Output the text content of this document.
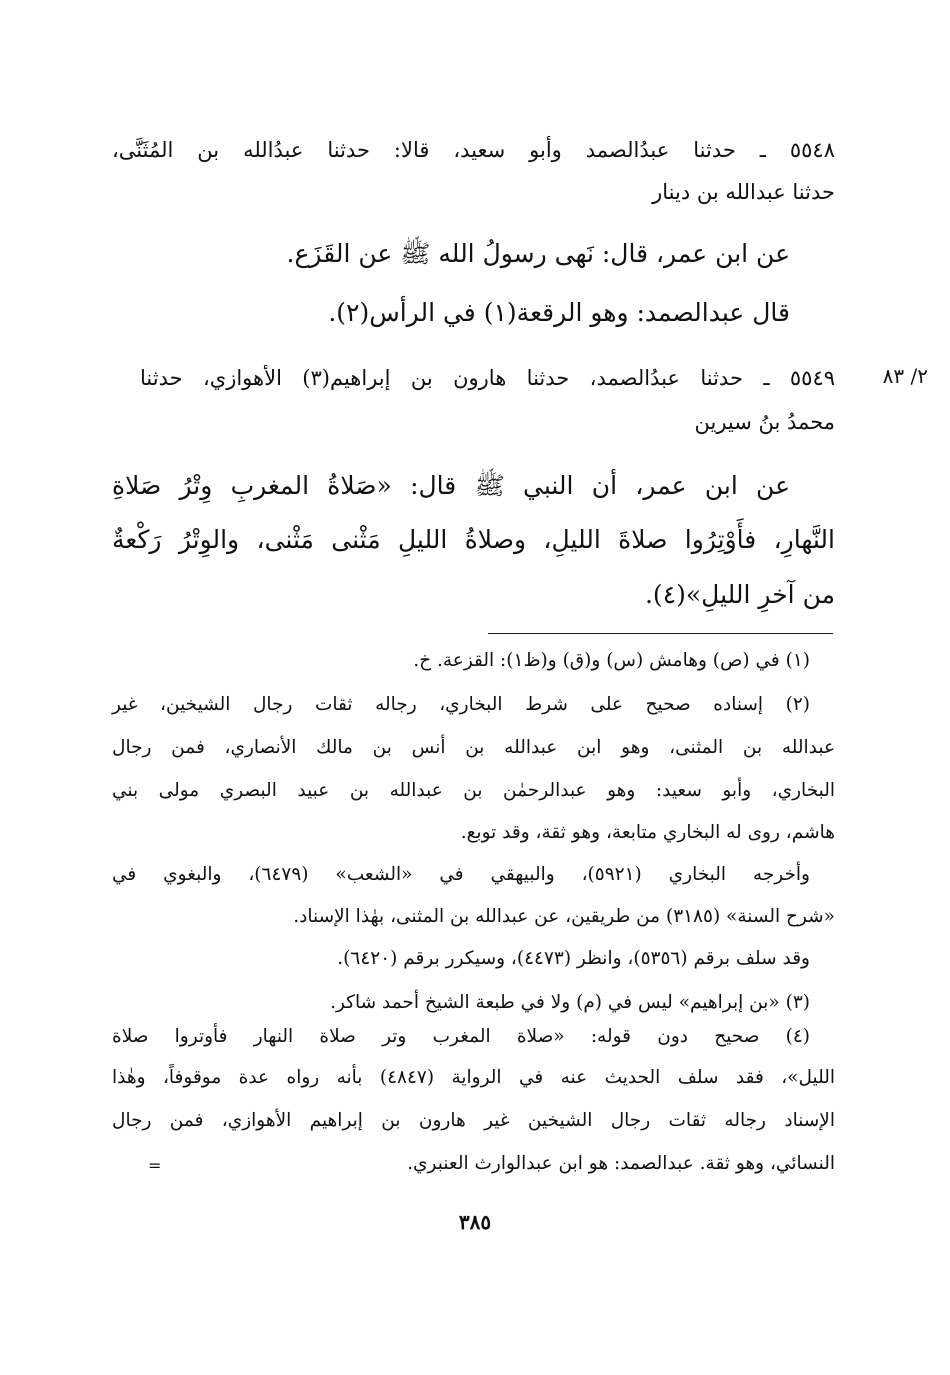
٢/ ٨٣
٥٥٤٨ ـ حدثنا عبدُالصمد وأبو سعيد، قالا: حدثنا عبدُالله بن المُثَنَّى،
حدثنا عبدالله بن دينار
عن ابن عمر، قال: نَهى رسولُ الله ﷺ عن القَزَع.
قال عبدالصمد: وهو الرقعة(١) في الرأس(٢).
٥٥٤٩ ـ حدثنا عبدُالصمد، حدثنا هارون بن إبراهيم(٣) الأهوازي، حدثنا
محمدُ بنُ سيرين
عن ابن عمر، أن النبي ﷺ قال: «صَلاةُ المغربِ وِتْرُ صَلاةِ
النَّهارِ، فأَوْتِرُوا صلاةَ الليلِ، وصلاةُ الليلِ مَثْنى مَثْنى، والوِتْرُ رَكْعةٌ
من آخرِ الليلِ»(٤).
(١) في (ص) وهامش (س) و(ق) و(ظ١): القزعة. خ.
(٢) إسناده صحيح على شرط البخاري، رجاله ثقات رجال الشيخين، غير
عبدالله بن المثنى، وهو ابن عبدالله بن أنس بن مالك الأنصاري، فمن رجال
البخاري، وأبو سعيد: وهو عبدالرحمٰن بن عبدالله بن عبيد البصري مولى بني
هاشم، روى له البخاري متابعة، وهو ثقة، وقد توبع.
وأخرجه البخاري (٥٩٢١)، والبيهقي في «الشعب» (٦٤٧٩)، والبغوي في
«شرح السنة» (٣١٨٥) من طريقين، عن عبدالله بن المثنى، بهٰذا الإسناد.
وقد سلف برقم (٥٣٥٦)، وانظر (٤٤٧٣)، وسيكرر برقم (٦٤٢٠).
(٣) «بن إبراهيم» ليس في (م) ولا في طبعة الشيخ أحمد شاكر.
(٤) صحيح دون قوله: «صلاة المغرب وتر صلاة النهار فأوتروا صلاة
الليل»، فقد سلف الحديث عنه في الرواية (٤٨٤٧) بأنه رواه عدة موقوفاً، وهٰذا
الإسناد رجاله ثقات رجال الشيخين غير هارون بن إبراهيم الأهوازي، فمن رجال
النسائي، وهو ثقة. عبدالصمد: هو ابن عبدالوارث العنبري.
=
٣٨٥
